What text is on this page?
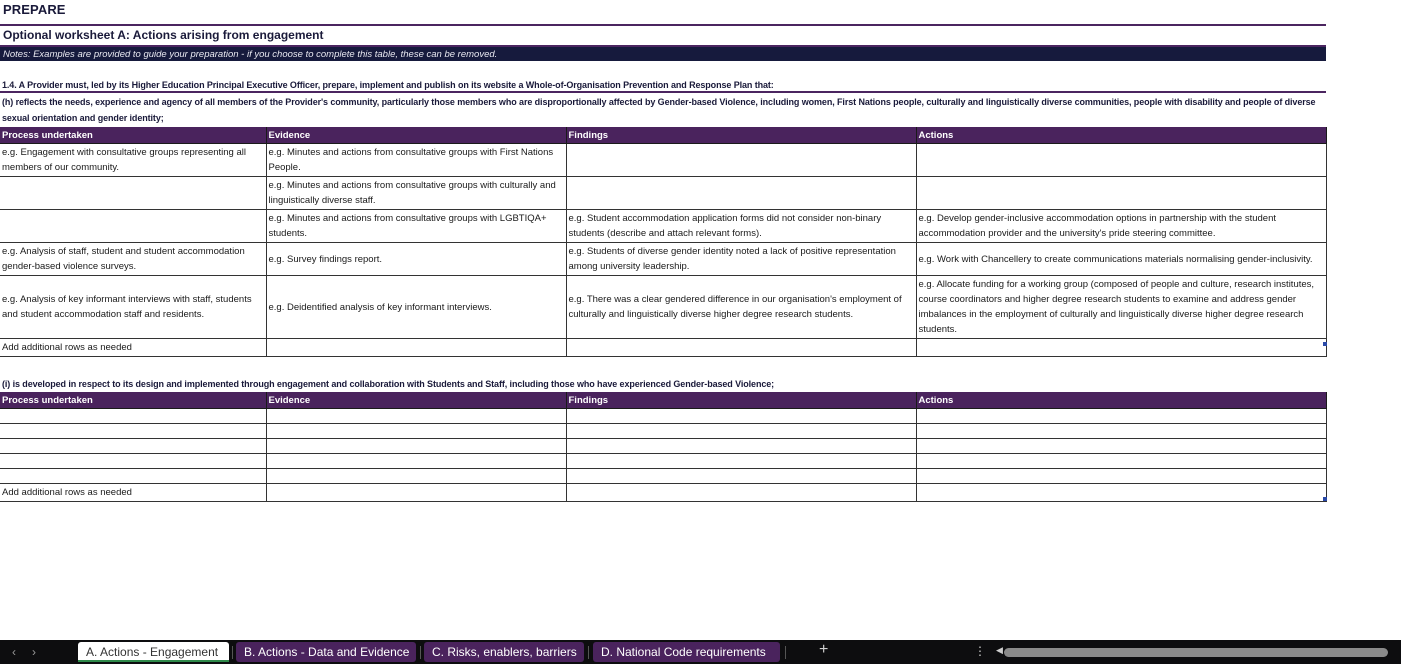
PREPARE
Optional worksheet A: Actions arising from engagement
Notes: Examples are provided to guide your preparation - if you choose to complete this table, these can be removed.
1.4. A Provider must, led by its Higher Education Principal Executive Officer, prepare, implement and publish on its website a Whole-of-Organisation Prevention and Response Plan that:
(h) reflects the needs, experience and agency of all members of the Provider's community, particularly those members who are disproportionally affected by Gender-based Violence, including women, First Nations people, culturally and linguistically diverse communities, people with disability and people of diverse sexual orientation and gender identity;
Process undertaken	Evidence	Findings	Actions
e.g. Engagement with consultative groups representing all members of our community.	e.g. Minutes and actions from consultative groups with First Nations People.		
	e.g. Minutes and actions from consultative groups with culturally and linguistically diverse staff.		
	e.g. Minutes and actions from consultative groups with LGBTIQA+ students.	e.g. Student accommodation application forms did not consider non-binary students (describe and attach relevant forms).	e.g. Develop gender-inclusive accommodation options in partnership with the student accommodation provider and the university's pride steering committee.
e.g. Analysis of staff, student and student accommodation gender-based violence surveys.	e.g. Survey findings report.	e.g. Students of diverse gender identity noted a lack of positive representation among university leadership.	e.g. Work with Chancellery to create communications materials normalising gender-inclusivity.
e.g. Analysis of key informant interviews with staff, students and student accommodation staff and residents.	e.g. Deidentified analysis of key informant interviews.	e.g. There was a clear gendered difference in our organisation's employment of culturally and linguistically diverse higher degree research students.	e.g. Allocate funding for a working group (composed of people and culture, research institutes, course coordinators and higher degree research students to examine and address gender imbalances in the employment of culturally and linguistically diverse higher degree research students.
Add additional rows as needed			
(i) is developed in respect to its design and implemented through engagement and collaboration with Students and Staff, including those who have experienced Gender-based Violence;
Process undertaken	Evidence	Findings	Actions

Add additional rows as needed			
‹ ›	A. Actions - Engagement	B. Actions - Data and Evidence	C. Risks, enablers, barriers	D. National Code requirements	+	⋮ ◀
